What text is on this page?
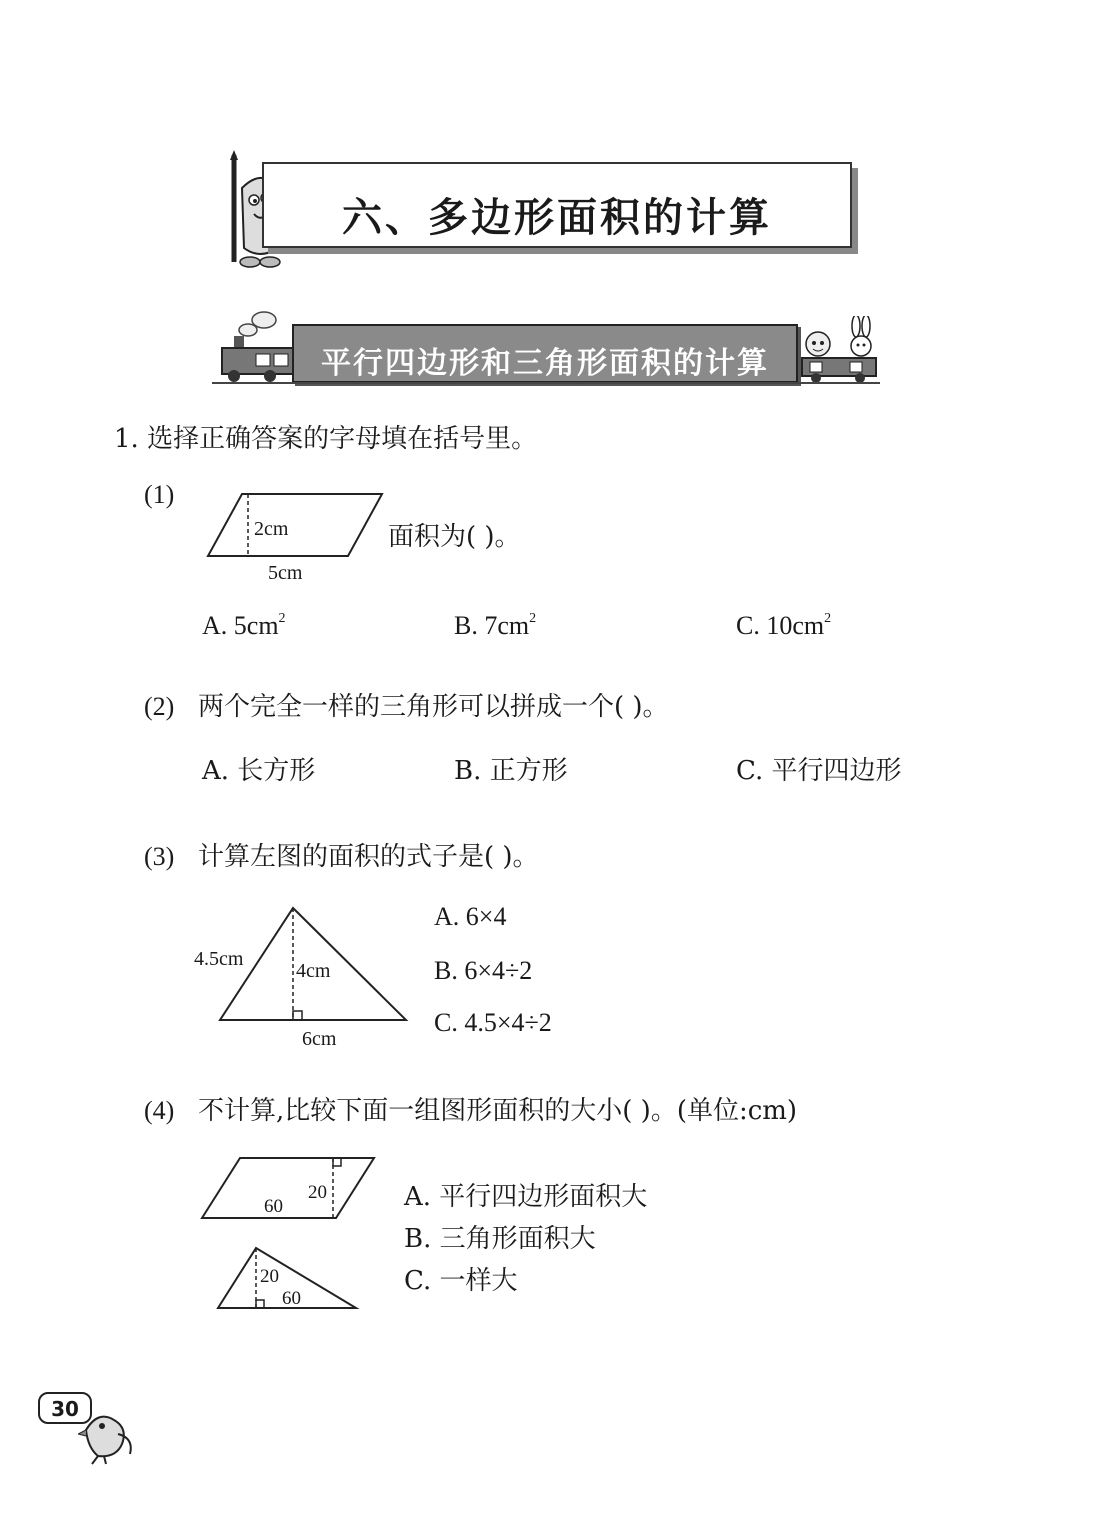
六、多边形面积的计算
平行四边形和三角形面积的计算
1. 选择正确答案的字母填在括号里。
(1)
2cm
5cm
面积为( )。
A. $5cm^2$	B. $7cm^2$	C. $10cm^2$
(2) 两个完全一样的三角形可以拼成一个( )。
A. 长方形	B. 正方形	C. 平行四边形
(3) 计算左图的面积的式子是( )。
4.5cm
4cm
6cm
A. 6×4
B. 6×4÷2
C. 4.5×4÷2
(4) 不计算,比较下面一组图形面积的大小( )。(单位:cm)
60
20
20
60
A. 平行四边形面积大
B. 三角形面积大
C. 一样大
30
